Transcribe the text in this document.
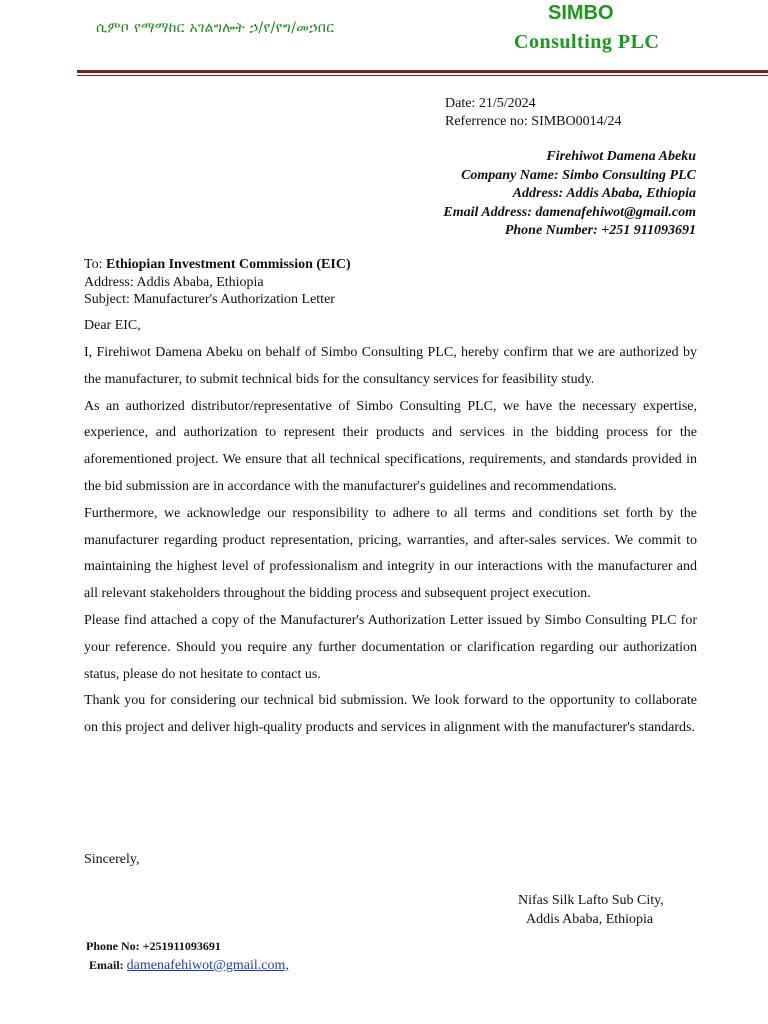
ሲምቦ የማማከር አገልግሎት ኃ/የ/የግ/መኃበር
SIMBO
Consulting PLC
Date: 21/5/2024
Referrence no: SIMBO0014/24
Firehiwot Damena Abeku
Company Name: Simbo Consulting PLC
Address: Addis Ababa, Ethiopia
Email Address: damenafehiwot@gmail.com
Phone Number: +251 911093691
To: Ethiopian Investment Commission (EIC)
Address: Addis Ababa, Ethiopia
Subject: Manufacturer's Authorization Letter
Dear EIC,

I, Firehiwot Damena Abeku on behalf of Simbo Consulting PLC, hereby confirm that we are authorized by the manufacturer, to submit technical bids for the consultancy services for feasibility study.

As an authorized distributor/representative of Simbo Consulting PLC, we have the necessary expertise, experience, and authorization to represent their products and services in the bidding process for the aforementioned project. We ensure that all technical specifications, requirements, and standards provided in the bid submission are in accordance with the manufacturer's guidelines and recommendations.

Furthermore, we acknowledge our responsibility to adhere to all terms and conditions set forth by the manufacturer regarding product representation, pricing, warranties, and after-sales services. We commit to maintaining the highest level of professionalism and integrity in our interactions with the manufacturer and all relevant stakeholders throughout the bidding process and subsequent project execution.

Please find attached a copy of the Manufacturer's Authorization Letter issued by Simbo Consulting PLC for your reference. Should you require any further documentation or clarification regarding our authorization status, please do not hesitate to contact us.

Thank you for considering our technical bid submission. We look forward to the opportunity to collaborate on this project and deliver high-quality products and services in alignment with the manufacturer's standards.

Sincerely,
Nifas Silk Lafto Sub City,
Addis Ababa, Ethiopia
Phone No: +251911093691
Email: damenafehiwot@gmail.com,
